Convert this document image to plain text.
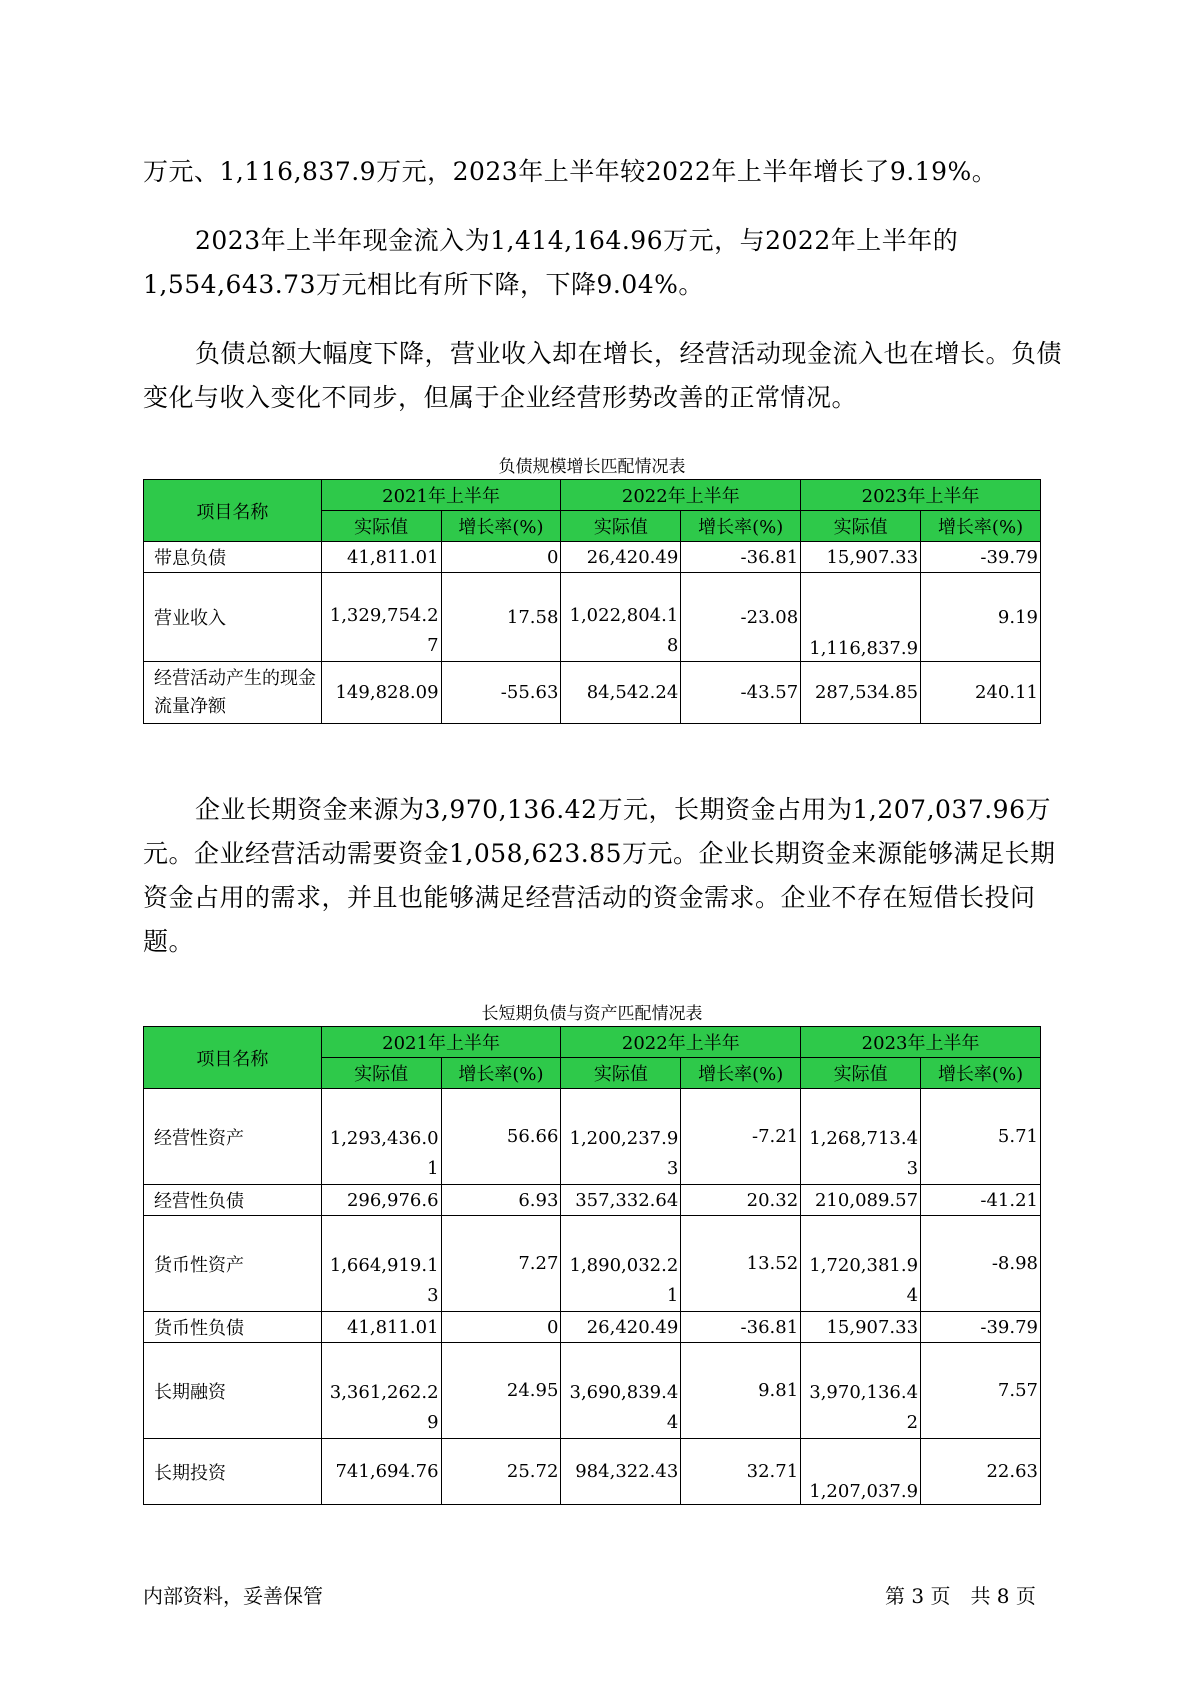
万元、1,116,837.9万元，2023年上半年较2022年上半年增长了9.19%。

2023年上半年现金流入为1,414,164.96万元，与2022年上半年的1,554,643.73万元相比有所下降，下降9.04%。

负债总额大幅度下降，营业收入却在增长，经营活动现金流入也在增长。负债变化与收入变化不同步，但属于企业经营形势改善的正常情况。

负债规模增长匹配情况表

项目名称	2021年上半年		2022年上半年		2023年上半年	
	实际值	增长率(%)	实际值	增长率(%)	实际值	增长率(%)
带息负债	41,811.01	0	26,420.49	-36.81	15,907.33	-39.79
营业收入	1,329,754.27	17.58	1,022,804.18	-23.08	1,116,837.9	9.19
经营活动产生的现金流量净额	149,828.09	-55.63	84,542.24	-43.57	287,534.85	240.11

企业长期资金来源为3,970,136.42万元，长期资金占用为1,207,037.96万元。企业经营活动需要资金1,058,623.85万元。企业长期资金来源能够满足长期资金占用的需求，并且也能够满足经营活动的资金需求。企业不存在短借长投问题。

长短期负债与资产匹配情况表

项目名称	2021年上半年		2022年上半年		2023年上半年	
	实际值	增长率(%)	实际值	增长率(%)	实际值	增长率(%)
经营性资产	1,293,436.01	56.66	1,200,237.93	-7.21	1,268,713.43	5.71
经营性负债	296,976.6	6.93	357,332.64	20.32	210,089.57	-41.21
货币性资产	1,664,919.13	7.27	1,890,032.21	13.52	1,720,381.94	-8.98
货币性负债	41,811.01	0	26,420.49	-36.81	15,907.33	-39.79
长期融资	3,361,262.29	24.95	3,690,839.44	9.81	3,970,136.42	7.57
长期投资	741,694.76	25.72	984,322.43	32.71	1,207,037.9	22.63
内部资料，妥善保管	第 3 页　共 8 页
